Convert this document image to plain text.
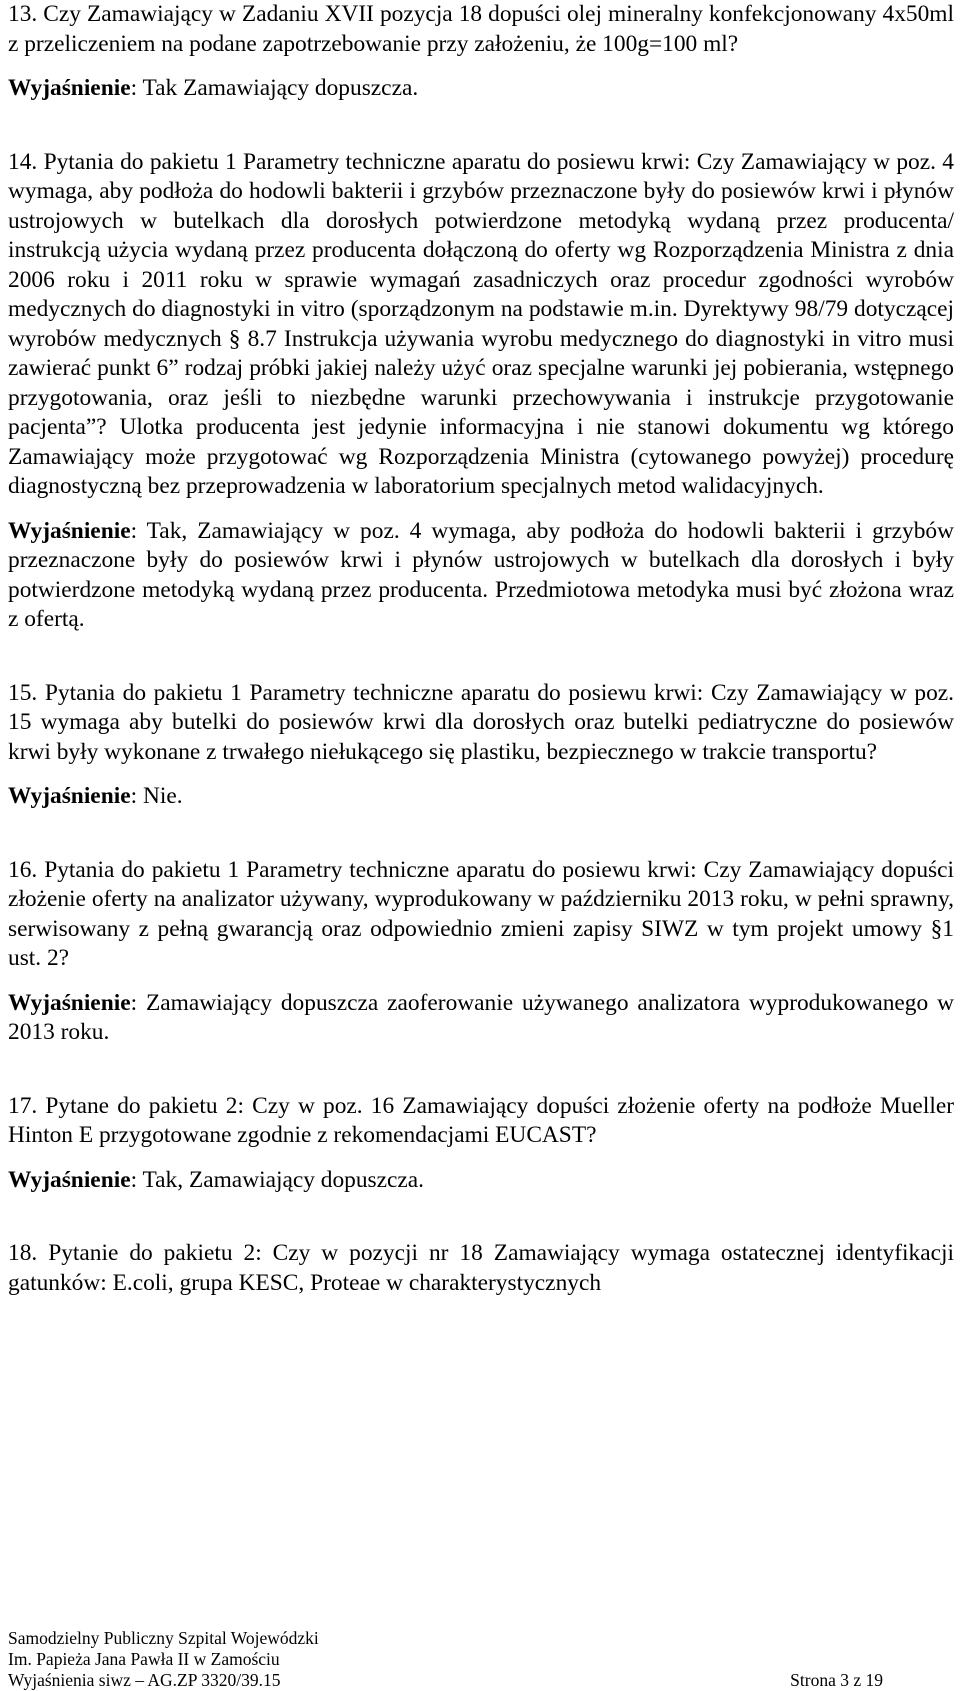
13. Czy Zamawiający w Zadaniu XVII pozycja 18 dopuści olej mineralny konfekcjonowany 4x50ml z przeliczeniem na podane zapotrzebowanie przy założeniu, że 100g=100 ml?

Wyjaśnienie: Tak Zamawiający dopuszcza.

14. Pytania do pakietu 1 Parametry techniczne aparatu do posiewu krwi: Czy Zamawiający w poz. 4 wymaga, aby podłoża do hodowli bakterii i grzybów przeznaczone były do posiewów krwi i płynów ustrojowych w butelkach dla dorosłych potwierdzone metodyką wydaną przez producenta/ instrukcją użycia wydaną przez producenta dołączoną do oferty wg Rozporządzenia Ministra z dnia 2006 roku i 2011 roku w sprawie wymagań zasadniczych oraz procedur zgodności wyrobów medycznych do diagnostyki in vitro (sporządzonym na podstawie m.in. Dyrektywy 98/79 dotyczącej wyrobów medycznych § 8.7 Instrukcja używania wyrobu medycznego do diagnostyki in vitro musi zawierać punkt 6” rodzaj próbki jakiej należy użyć oraz specjalne warunki jej pobierania, wstępnego przygotowania, oraz jeśli to niezbędne warunki przechowywania i instrukcje przygotowanie pacjenta”? Ulotka producenta jest jedynie informacyjna i nie stanowi dokumentu wg którego Zamawiający może przygotować wg Rozporządzenia Ministra (cytowanego powyżej) procedurę diagnostyczną bez przeprowadzenia w laboratorium specjalnych metod walidacyjnych.

Wyjaśnienie: Tak, Zamawiający w poz. 4 wymaga, aby podłoża do hodowli bakterii i grzybów przeznaczone były do posiewów krwi i płynów ustrojowych w butelkach dla dorosłych i były potwierdzone metodyką wydaną przez producenta. Przedmiotowa metodyka musi być złożona wraz z ofertą.

15. Pytania do pakietu 1 Parametry techniczne aparatu do posiewu krwi: Czy Zamawiający w poz. 15 wymaga aby butelki do posiewów krwi dla dorosłych oraz butelki pediatryczne do posiewów krwi były wykonane z trwałego niełukącego się plastiku, bezpiecznego w trakcie transportu?

Wyjaśnienie: Nie.

16. Pytania do pakietu 1 Parametry techniczne aparatu do posiewu krwi: Czy Zamawiający dopuści złożenie oferty na analizator używany, wyprodukowany w październiku 2013 roku, w pełni sprawny, serwisowany z pełną gwarancją oraz odpowiednio zmieni zapisy SIWZ w tym projekt umowy §1 ust. 2?

Wyjaśnienie: Zamawiający dopuszcza zaoferowanie używanego analizatora wyprodukowanego w 2013 roku.

17. Pytane do pakietu 2: Czy w poz. 16 Zamawiający dopuści złożenie oferty na podłoże Mueller Hinton E przygotowane zgodnie z rekomendacjami EUCAST?

Wyjaśnienie: Tak, Zamawiający dopuszcza.

18. Pytanie do pakietu 2: Czy w pozycji nr 18 Zamawiający wymaga ostatecznej identyfikacji gatunków: E.coli, grupa KESC, Proteae w charakterystycznych

Samodzielny Publiczny Szpital Wojewódzki
Im. Papieża Jana Pawła II w Zamościu
Wyjaśnienia siwz – AG.ZP 3320/39.15	Strona 3 z 19
